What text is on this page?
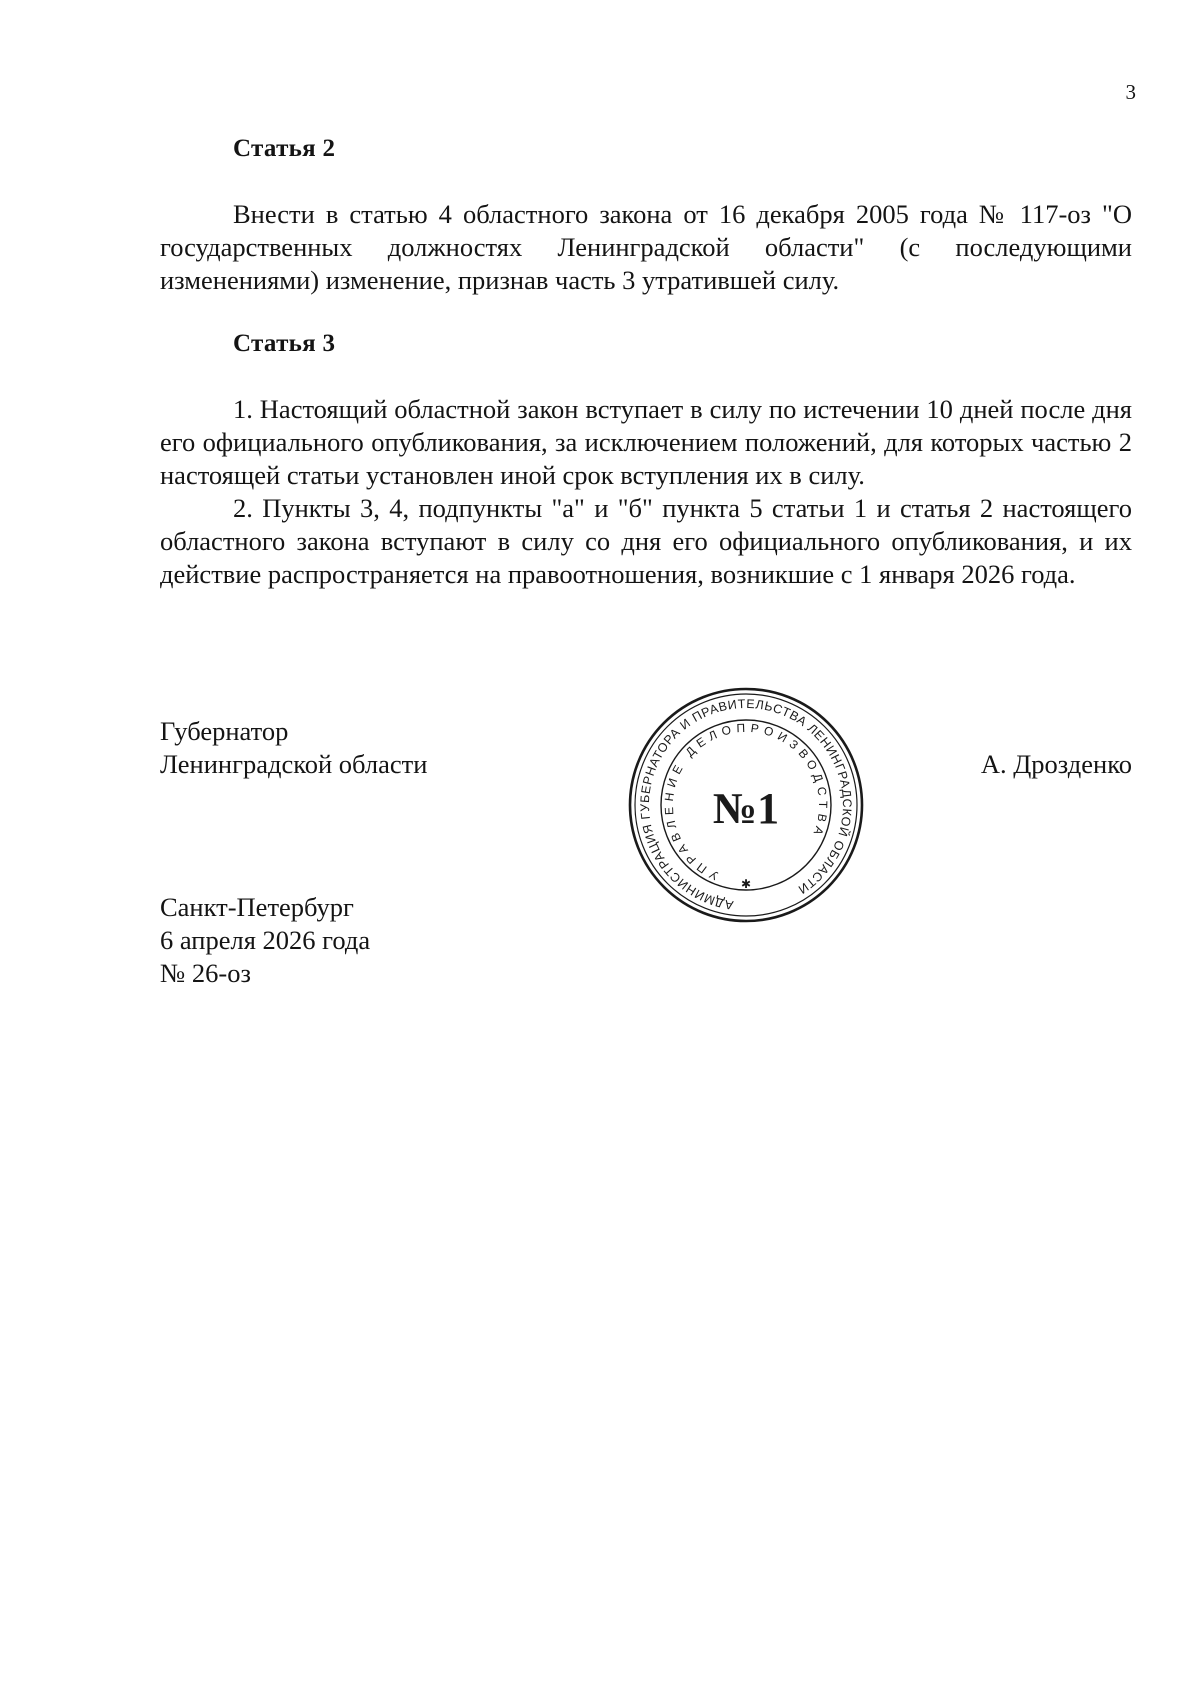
3
Статья 2

Внести в статью 4 областного закона от 16 декабря 2005 года № 117-оз "О государственных должностях Ленинградской области" (с последующими изменениями) изменение, признав часть 3 утратившей силу.

Статья 3

1. Настоящий областной закон вступает в силу по истечении 10 дней после дня его официального опубликования, за исключением положений, для которых частью 2 настоящей статьи установлен иной срок вступления их в силу.

2. Пункты 3, 4, подпункты "а" и "б" пункта 5 статьи 1 и статья 2 настоящего областного закона вступают в силу со дня его официального опубликования, и их действие распространяется на правоотношения, возникшие с 1 января 2026 года.

Губернатор
Ленинградской области	А. Дрозденко
АДМИНИСТРАЦИЯ ГУБЕРНАТОРА И ПРАВИТЕЛЬСТВА ЛЕНИНГРАДСКОЙ ОБЛАСТИ
УПРАВЛЕНИЕ ДЕЛОПРОИЗВОДСТВА
№1
✱
Санкт-Петербург
6 апреля 2026 года
№ 26-оз
